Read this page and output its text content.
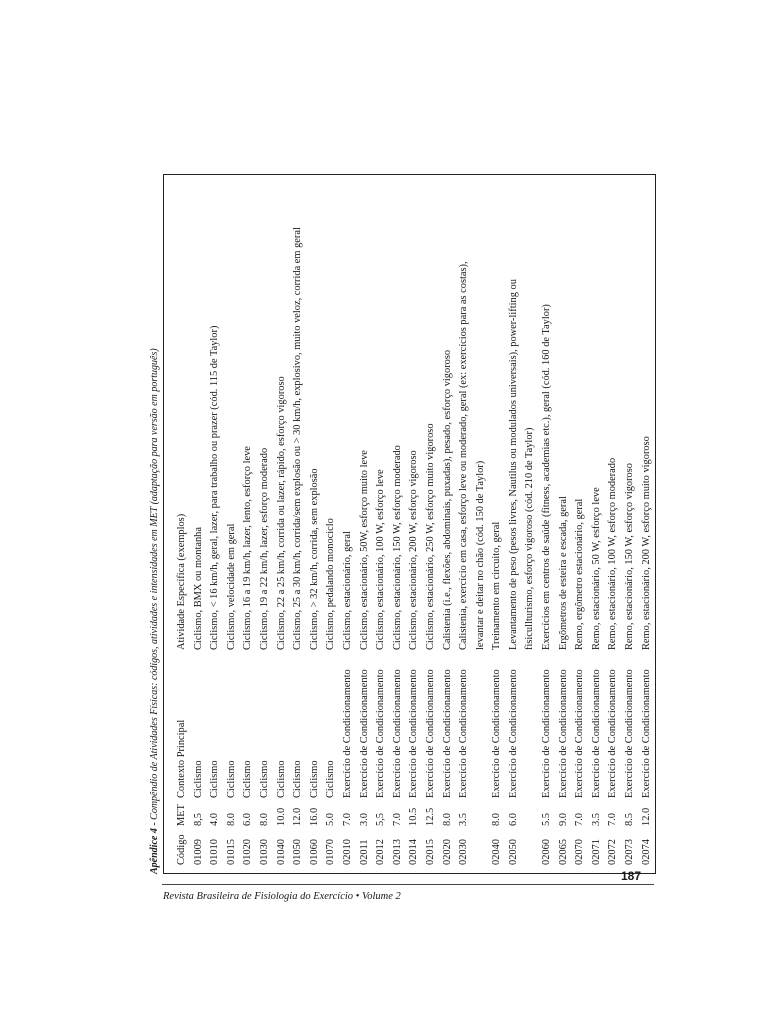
Apêndice 4 - Compêndio de Atividades Físicas: códigos, atividades e intensidades em MET (adaptação para versão em português)
Código	MET	Contexto Principal	Atividade Específica (exemplos)
01009	8,5	Ciclismo	Ciclismo, BMX ou montanha

01010	4.0	Ciclismo	Ciclismo, < 16 km/h, geral, lazer, para trabalho ou prazer (cód. 115 de Taylor)

01015	8.0	Ciclismo	Ciclismo, velocidade em geral

01020	6.0	Ciclismo	Ciclismo, 16 a 19 km/h, lazer, lento, esforço leve

01030	8.0	Ciclismo	Ciclismo, 19 a 22 km/h, lazer, esforço moderado

01040	10.0	Ciclismo	Ciclismo, 22 a 25 km/h, corrida ou lazer, rápido, esforço vigoroso

01050	12.0	Ciclismo	Ciclismo, 25 a 30 km/h, corrida/sem explosão ou > 30 km/h, explosivo, muito veloz, corrida em geral

01060	16.0	Ciclismo	Ciclismo, > 32 km/h, corrida, sem explosão

01070	5.0	Ciclismo	Ciclismo, pedalando monociclo

02010	7.0	Exercício de Condicionamento	Ciclismo, estacionário, geral

02011	3.0	Exercício de Condicionamento	Ciclismo, estacionário, 50W, esforço muito leve

02012	5,5	Exercício de Condicionamento	Ciclismo, estacionário, 100 W, esforço leve

02013	7.0	Exercício de Condicionamento	Ciclismo, estacionário, 150 W, esforço moderado

02014	10.5	Exercício de Condicionamento	Ciclismo, estacionário, 200 W, esforço vigoroso

02015	12.5	Exercício de Condicionamento	Ciclismo, estacionário, 250 W, esforço muito vigoroso

02020	8.0	Exercício de Condicionamento	Calistenia (i.e., flexões, abdominais, puxadas), pesado, esforço vigoroso

02030	3.5	Exercício de Condicionamento	Calistenia, exercício em casa, esforço leve ou moderado, geral (ex: exercícios para as costas), levantar e deitar no chão (cód. 150 de Taylor)

02040	8.0	Exercício de Condicionamento	Treinamento em circuito, geral

02050	6.0	Exercício de Condicionamento	Levantamento de peso (pesos livres, Nautilus ou modulados universais), power-lifting ou fisicullturismo, esforço vigoroso (cód. 210 de Taylor)

02060	5.5	Exercício de Condicionamento	Exercícios em centros de saúde (fitness, academias etc.), geral (cód. 160 de Taylor)

02065	9.0	Exercício de Condicionamento	Ergômetros de esteira e escada, geral

02070	7.0	Exercício de Condicionamento	Remo, ergômetro estacionário, geral

02071	3.5	Exercício de Condicionamento	Remo, estacionário, 50 W, esforço leve

02072	7.0	Exercício de Condicionamento	Remo, estacionário, 100 W, esforço moderado

02073	8.5	Exercício de Condicionamento	Remo, estacionário, 150 W, esforço vigoroso

02074	12.0	Exercício de Condicionamento	Remo, estacionário, 200 W, esforço muito vigoroso
187
Revista Brasileira de Fisiologia do Exercício • Volume 2
